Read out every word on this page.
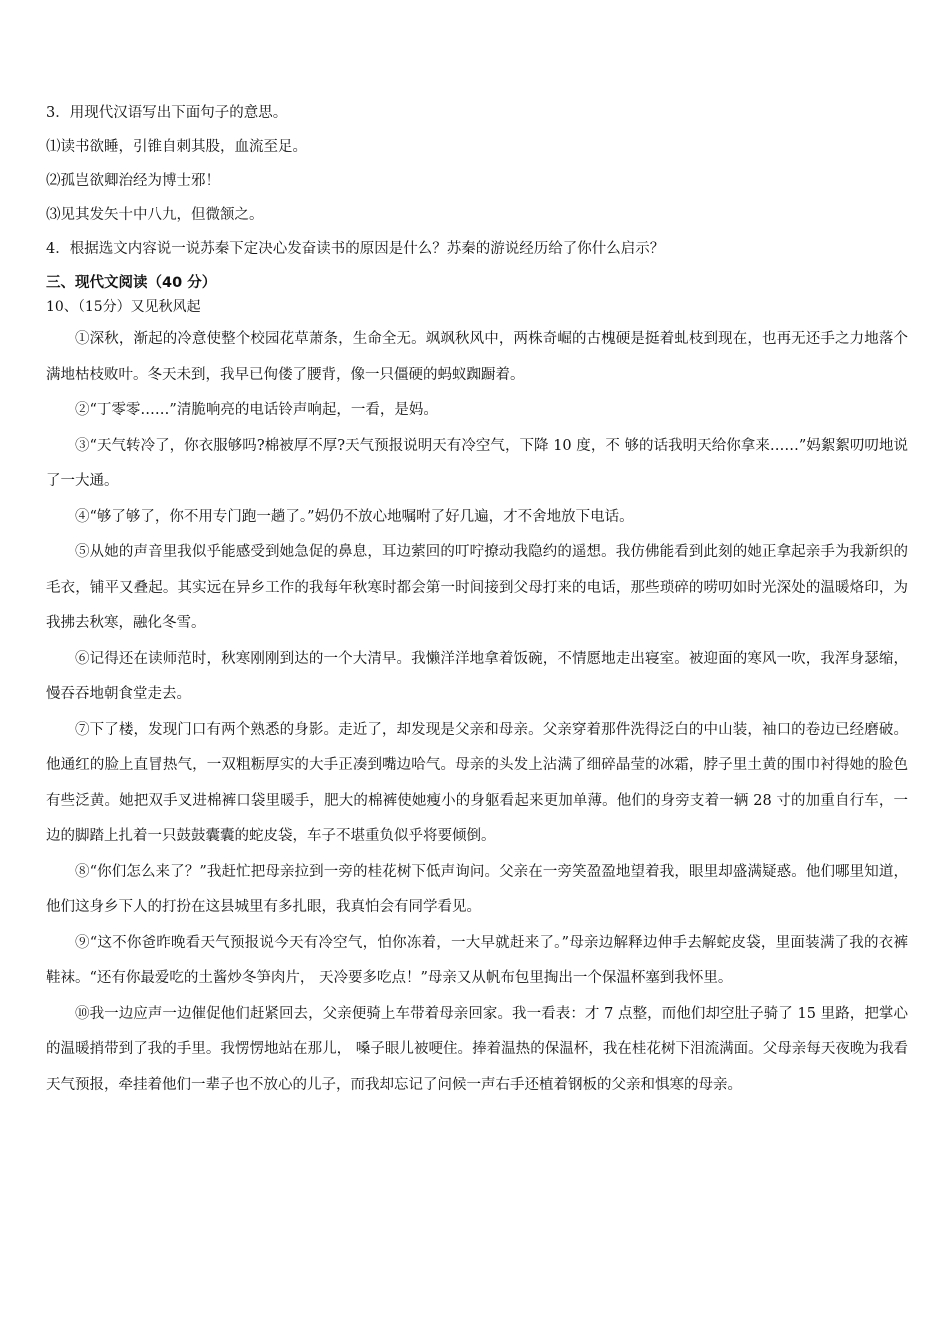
3．用现代汉语写出下面句子的意思。
⑴读书欲睡，引锥自刺其股，血流至足。
⑵孤岂欲卿治经为博士邪！
⑶见其发矢十中八九，但微颔之。
4．根据选文内容说一说苏秦下定决心发奋读书的原因是什么？苏秦的游说经历给了你什么启示？
三、现代文阅读（40 分）
10、（15分）又见秋风起

①深秋，渐起的冷意使整个校园花草萧条，生命全无。飒飒秋风中，两株奇崛的古槐硬是挺着虬枝到现在，也再无还手之力地落个满地枯枝败叶。冬天未到，我早已佝偻了腰背，像一只僵硬的蚂蚁踟蹰着。

②“丁零零……”清脆响亮的电话铃声响起，一看，是妈。

③“天气转冷了，你衣服够吗?棉被厚不厚?天气预报说明天有冷空气，下降 10 度，不 够的话我明天给你拿来……”妈絮絮叨叨地说了一大通。

④“够了够了，你不用专门跑一趟了。”妈仍不放心地嘱咐了好几遍，才不舍地放下电话。

⑤从她的声音里我似乎能感受到她急促的鼻息，耳边萦回的叮咛撩动我隐约的遥想。我仿佛能看到此刻的她正拿起亲手为我新织的毛衣，铺平又叠起。其实远在异乡工作的我每年秋寒时都会第一时间接到父母打来的电话，那些琐碎的唠叨如时光深处的温暖烙印，为我拂去秋寒，融化冬雪。

⑥记得还在读师范时，秋寒刚刚到达的一个大清早。我懒洋洋地拿着饭碗，不情愿地走出寝室。被迎面的寒风一吹，我浑身瑟缩，慢吞吞地朝食堂走去。

⑦下了楼，发现门口有两个熟悉的身影。走近了，却发现是父亲和母亲。父亲穿着那件洗得泛白的中山装，袖口的卷边已经磨破。他通红的脸上直冒热气，一双粗粝厚实的大手正凑到嘴边哈气。母亲的头发上沾满了细碎晶莹的冰霜，脖子里土黄的围巾衬得她的脸色有些泛黄。她把双手叉进棉裤口袋里暖手，肥大的棉裤使她瘦小的身躯看起来更加单薄。他们的身旁支着一辆 28 寸的加重自行车，一边的脚踏上扎着一只鼓鼓囊囊的蛇皮袋，车子不堪重负似乎将要倾倒。

⑧“你们怎么来了？”我赶忙把母亲拉到一旁的桂花树下低声询问。父亲在一旁笑盈盈地望着我，眼里却盛满疑惑。他们哪里知道，他们这身乡下人的打扮在这县城里有多扎眼，我真怕会有同学看见。

⑨“这不你爸昨晚看天气预报说今天有冷空气，怕你冻着，一大早就赶来了。”母亲边解释边伸手去解蛇皮袋，里面装满了我的衣裤鞋袜。“还有你最爱吃的土酱炒冬笋肉片， 天冷要多吃点！”母亲又从帆布包里掏出一个保温杯塞到我怀里。

⑩我一边应声一边催促他们赶紧回去，父亲便骑上车带着母亲回家。我一看表：才 7 点整，而他们却空肚子骑了 15 里路，把掌心的温暖捎带到了我的手里。我愣愣地站在那儿， 嗓子眼儿被哽住。捧着温热的保温杯，我在桂花树下泪流满面。父母亲每天夜晚为我看天气预报，牵挂着他们一辈子也不放心的儿子，而我却忘记了问候一声右手还植着钢板的父亲和惧寒的母亲。
